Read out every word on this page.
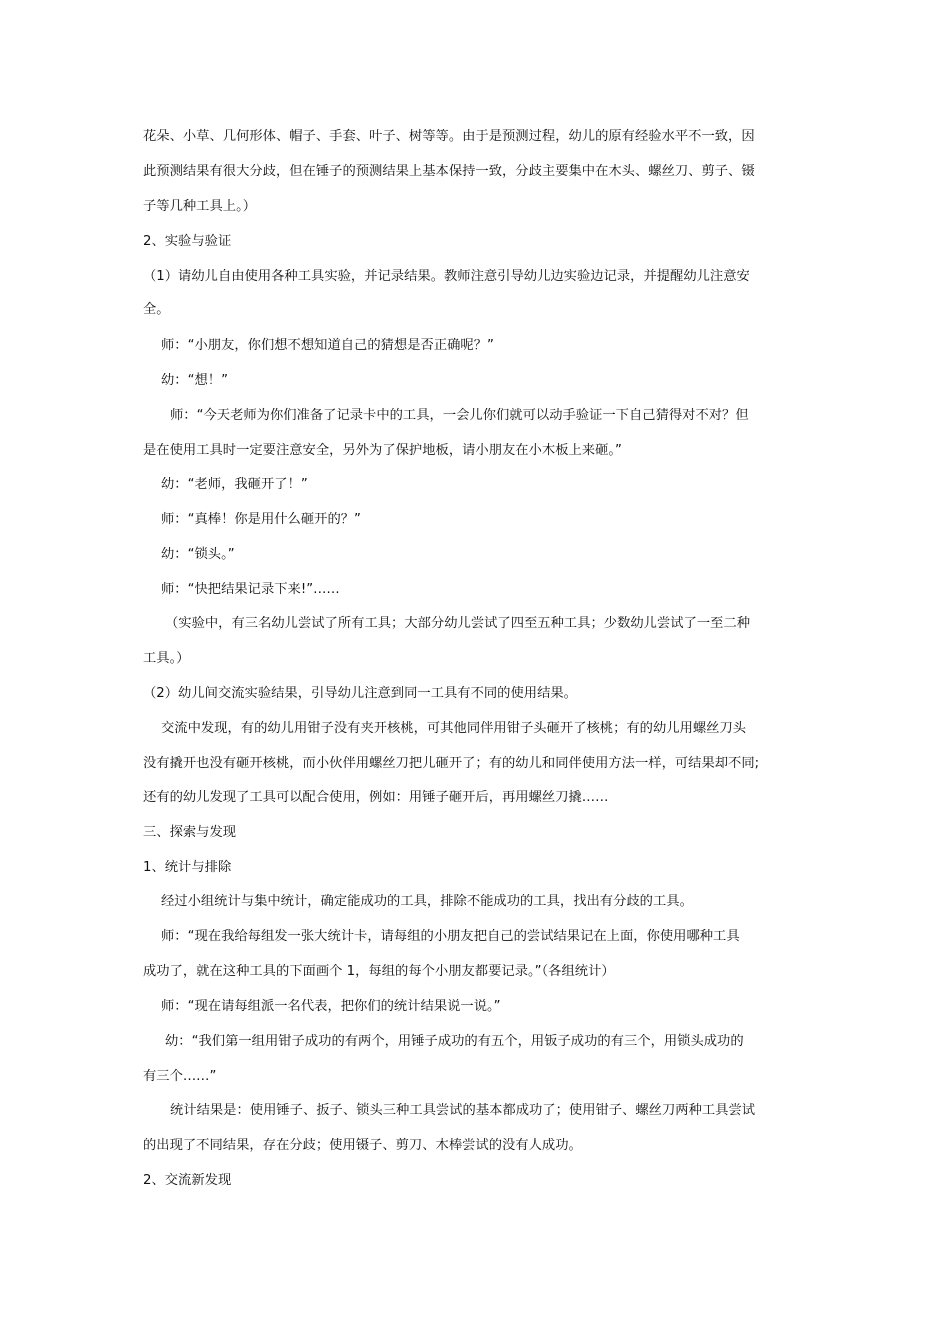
花朵、小草、几何形体、帽子、手套、叶子、树等等。由于是预测过程，幼儿的原有经验水平不一致，因
此预测结果有很大分歧，但在锤子的预测结果上基本保持一致，分歧主要集中在木头、螺丝刀、剪子、镊
子等几种工具上。）
2、实验与验证
（1）请幼儿自由使用各种工具实验，并记录结果。教师注意引导幼儿边实验边记录，并提醒幼儿注意安
全。
师：“小朋友，你们想不想知道自己的猜想是否正确呢？”
幼：“想！”
师：“今天老师为你们准备了记录卡中的工具，一会儿你们就可以动手验证一下自己猜得对不对？但
是在使用工具时一定要注意安全，另外为了保护地板，请小朋友在小木板上来砸。”
幼：“老师，我砸开了！”
师：“真棒！你是用什么砸开的？”
幼：“锁头。”
师：“快把结果记录下来!”……
（实验中，有三名幼儿尝试了所有工具；大部分幼儿尝试了四至五种工具；少数幼儿尝试了一至二种
工具。）
（2）幼儿间交流实验结果，引导幼儿注意到同一工具有不同的使用结果。
交流中发现，有的幼儿用钳子没有夹开核桃，可其他同伴用钳子头砸开了核桃；有的幼儿用螺丝刀头
没有撬开也没有砸开核桃，而小伙伴用螺丝刀把儿砸开了；有的幼儿和同伴使用方法一样，可结果却不同;
还有的幼儿发现了工具可以配合使用，例如：用锤子砸开后，再用螺丝刀撬……
三、探索与发现
1、统计与排除
经过小组统计与集中统计，确定能成功的工具，排除不能成功的工具，找出有分歧的工具。
师：“现在我给每组发一张大统计卡，请每组的小朋友把自己的尝试结果记在上面，你使用哪种工具
成功了，就在这种工具的下面画个 1，每组的每个小朋友都要记录。”（各组统计）
师：“现在请每组派一名代表，把你们的统计结果说一说。”
幼：“我们第一组用钳子成功的有两个，用锤子成功的有五个，用钣子成功的有三个，用锁头成功的
有三个……”
统计结果是：使用锤子、扳子、锁头三种工具尝试的基本都成功了；使用钳子、螺丝刀两种工具尝试
的出现了不同结果，存在分歧；使用镊子、剪刀、木棒尝试的没有人成功。
2、交流新发现
